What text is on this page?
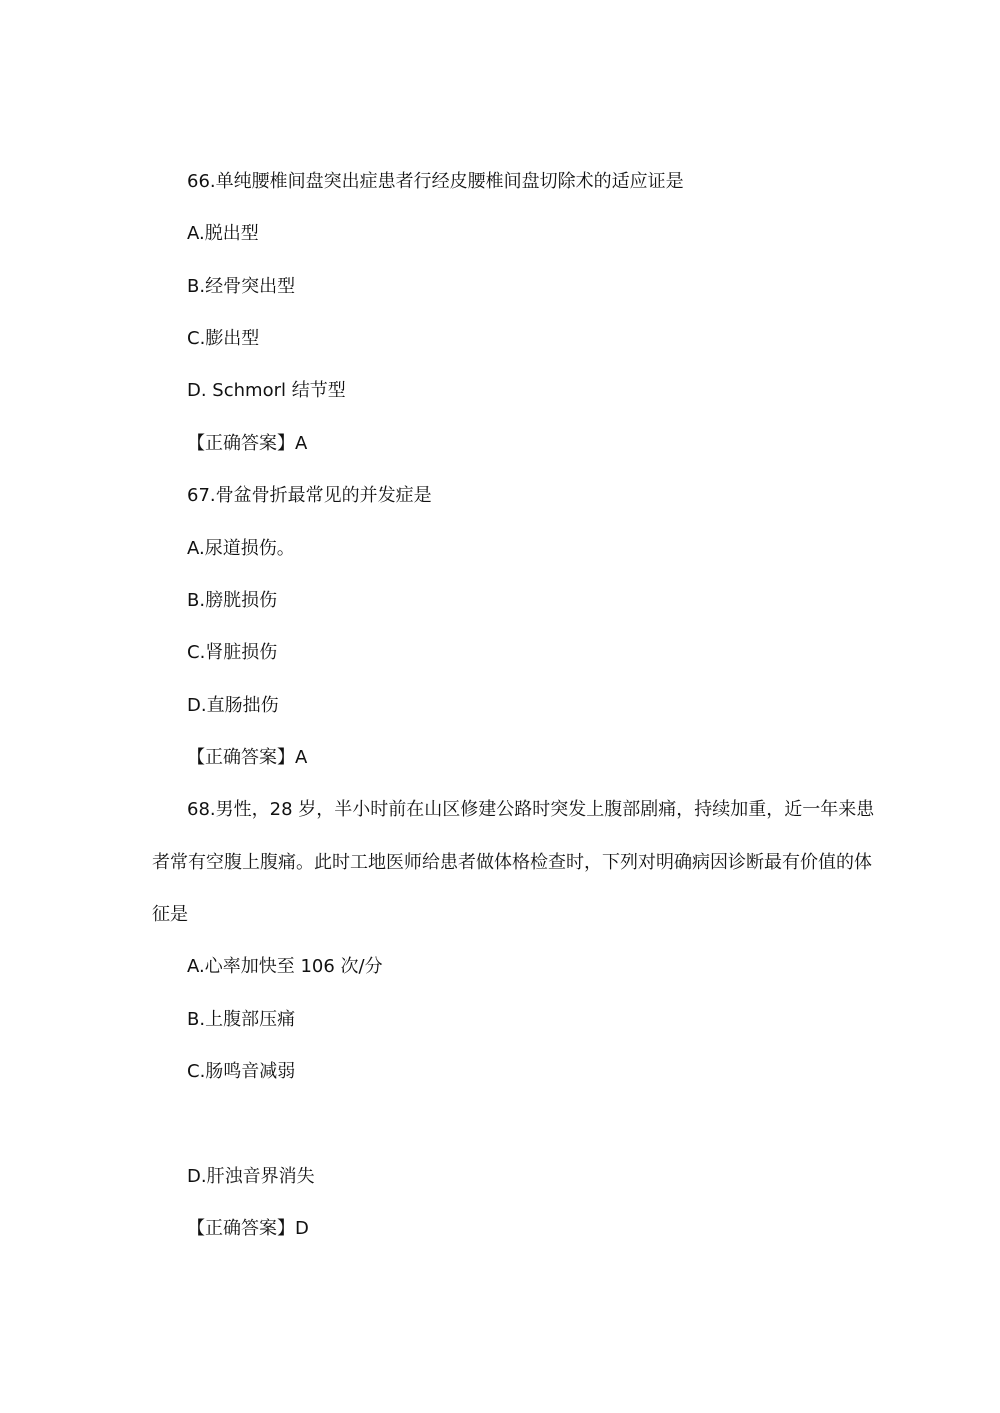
66.单纯腰椎间盘突出症患者行经皮腰椎间盘切除术的适应证是
A.脱出型
B.经骨突出型
C.膨出型
D. Schmorl 结节型
【正确答案】A
67.骨盆骨折最常见的并发症是
A.尿道损伤。
B.膀胱损伤
C.肾脏损伤
D.直肠拙伤
【正确答案】A
68.男性，28 岁，半小时前在山区修建公路时突发上腹部剧痛，持续加重，近一年来患
者常有空腹上腹痛。此时工地医师给患者做体格检查时，下列对明确病因诊断最有价值的体
征是
A.心率加快至 106 次/分
B.上腹部压痛
C.肠鸣音减弱
D.肝浊音界消失
【正确答案】D
